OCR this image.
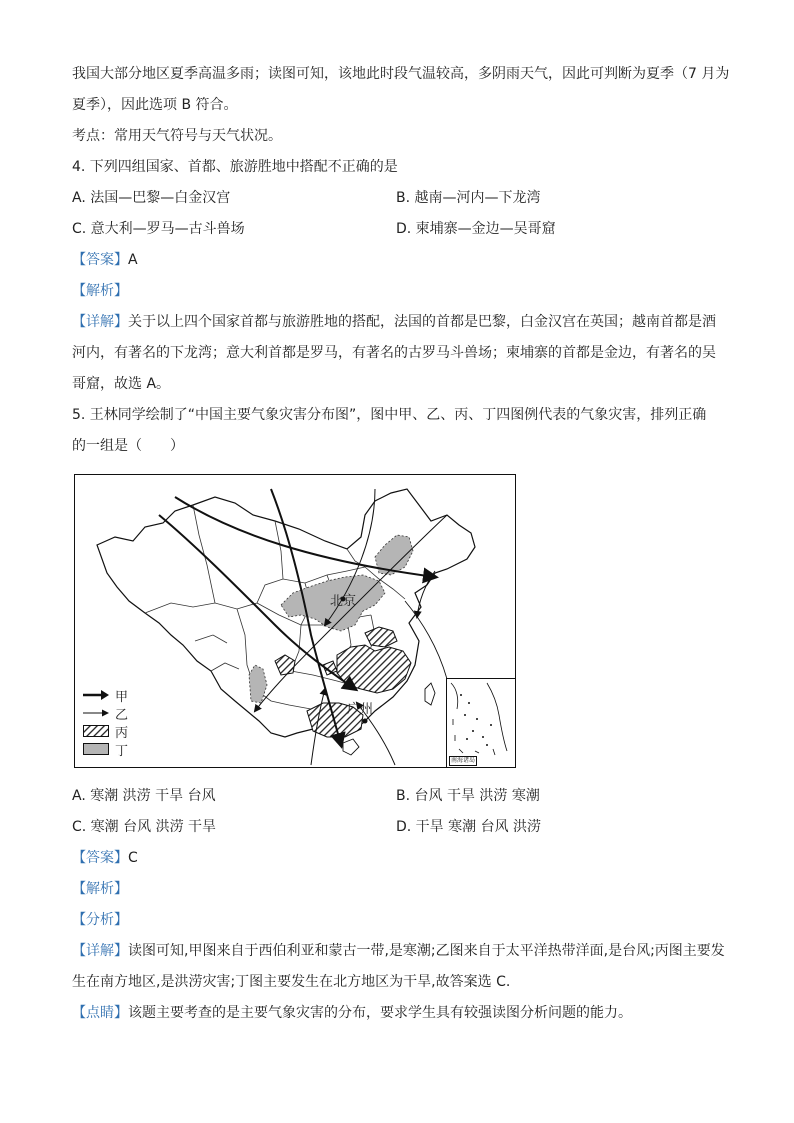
我国大部分地区夏季高温多雨；读图可知，该地此时段气温较高，多阴雨天气，因此可判断为夏季（7 月为
夏季），因此选项 B 符合。
考点：常用天气符号与天气状况。
4. 下列四组国家、首都、旅游胜地中搭配不正确的是
A. 法国—巴黎—白金汉宫	B. 越南—河内—下龙湾
C. 意大利—罗马—古斗兽场	D. 柬埔寨—金边—吴哥窟
【答案】A
【解析】
【详解】关于以上四个国家首都与旅游胜地的搭配，法国的首都是巴黎，白金汉宫在英国；越南首都是酒
河内，有著名的下龙湾；意大利首都是罗马，有著名的古罗马斗兽场；柬埔寨的首都是金边，有著名的吴
哥窟，故选 A。
5. 王林同学绘制了“中国主要气象灾害分布图”，图中甲、乙、丙、丁四图例代表的气象灾害，排列正确
的一组是（　　）
北京
广州
南海诸岛
甲
乙
丙
丁
A. 寒潮 洪涝 干旱 台风	B. 台风 干旱 洪涝 寒潮
C. 寒潮 台风 洪涝 干旱	D. 干旱 寒潮 台风 洪涝
【答案】C
【解析】
【分析】
【详解】读图可知,甲图来自于西伯利亚和蒙古一带,是寒潮;乙图来自于太平洋热带洋面,是台风;丙图主要发
生在南方地区,是洪涝灾害;丁图主要发生在北方地区为干旱,故答案选 C.
【点睛】该题主要考查的是主要气象灾害的分布，要求学生具有较强读图分析问题的能力。
